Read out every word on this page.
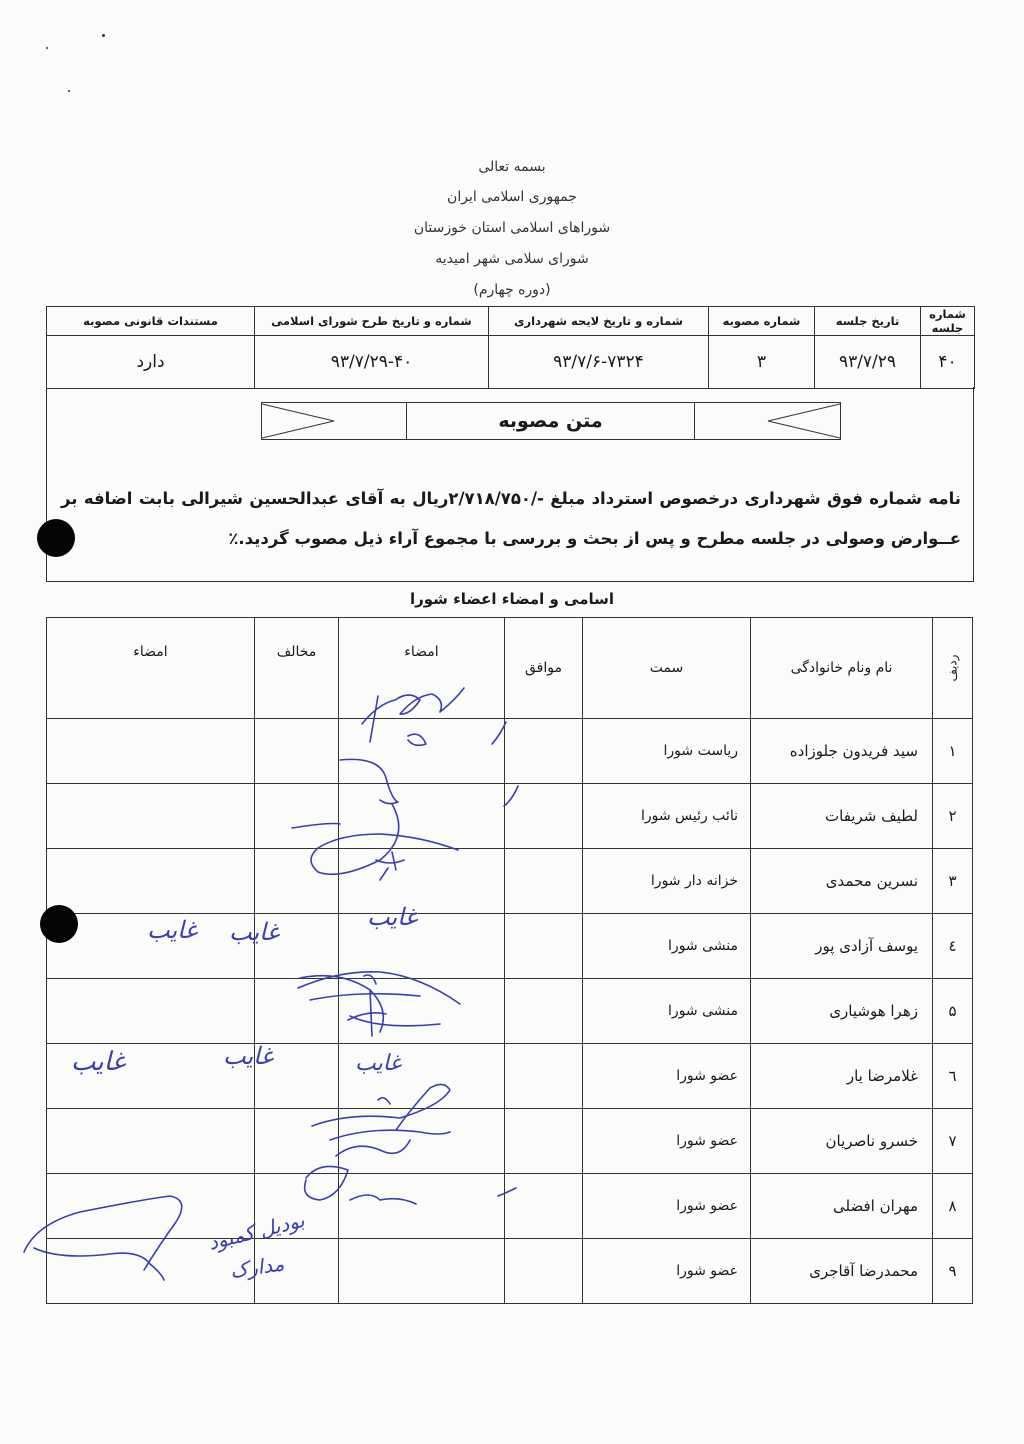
بسمه تعالی
جمهوری اسلامی ایران
شوراهای اسلامی استان خوزستان
شورای سلامی شهر امیدیه
(دوره چهارم)
شماره جلسه	تاریخ جلسه	شماره مصوبه	شماره و تاریخ لایحه شهرداری	شماره و تاریخ طرح شورای اسلامی	مستندات قانونی مصوبه
۴۰	۹۳/۷/۲۹	۳	۹۳/۷/۶-۷۳۲۴	۹۳/۷/۲۹-۴۰	دارد
متن مصوبه
نامه شماره فوق شهرداری درخصوص استرداد مبلغ -/۲/۷۱۸/۷۵۰ریال به آقای عبدالحسین شیرالی بابت اضافه بر عــوارض وصولی در جلسه مطرح و پس از بحث و بررسی با مجموع آراء ذیل مصوب گردید.٪
اسامی و امضاء اعضاء شورا
ردیف	نام ونام خانوادگی	سمت	موافق	امضاء	مخالف	امضاء
۱	سید فریدون جلوزاده	ریاست شورا				
۲	لطیف شریفات	نائب رئیس شورا				
۳	نسرین محمدی	خزانه دار شورا				
٤	یوسف آزادی پور	منشی شورا				
۵	زهرا هوشیاری	منشی شورا				
٦	غلامرضا یار	عضو شورا				
۷	خسرو ناصریان	عضو شورا				
۸	مهران افضلی	عضو شورا				
۹	محمدرضا آقاجری	عضو شورا				
غایب غایب
غایب
غایب	غایب	غایب
بودیل کمبود
مدارک
